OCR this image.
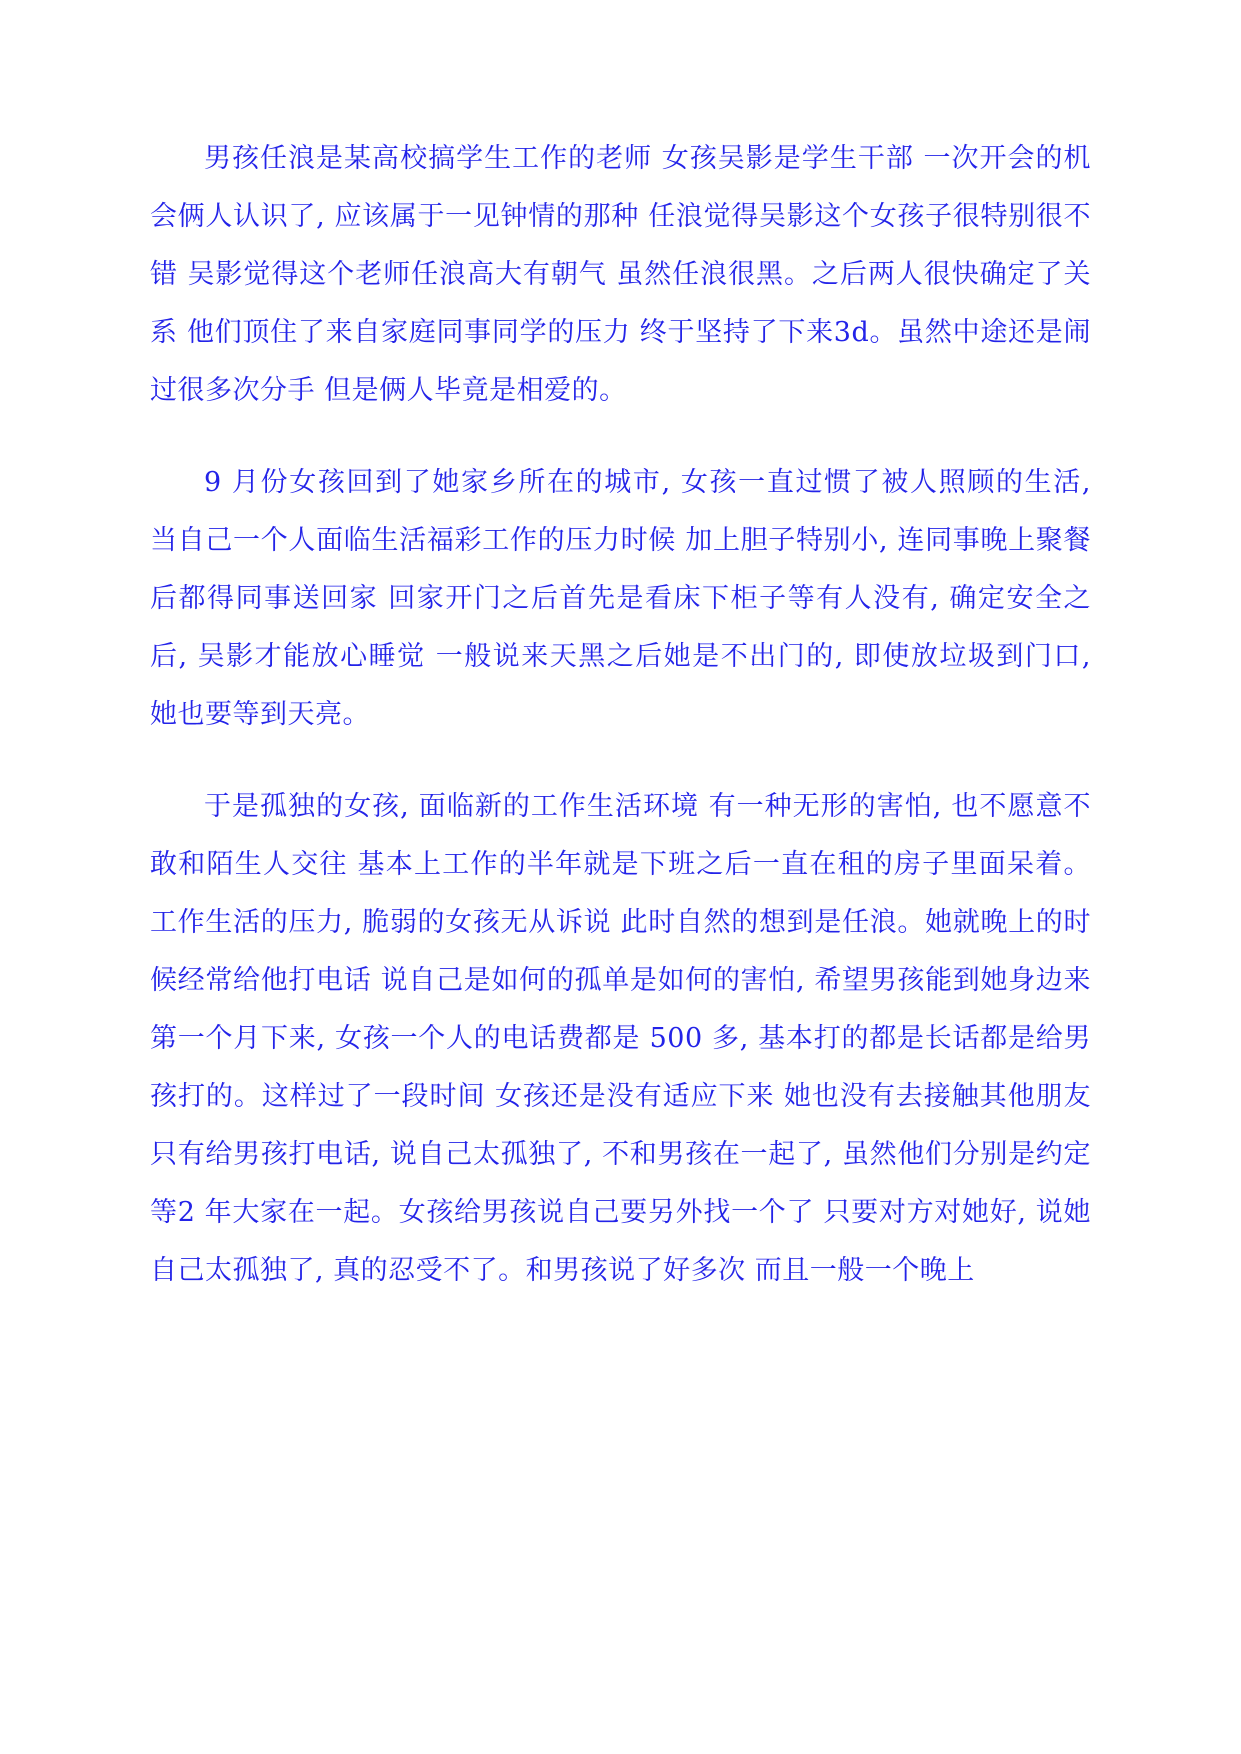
男孩任浪是某高校搞学生工作的老师 女孩吴影是学生干部 一次开会的机会俩人认识了, 应该属于一见钟情的那种 任浪觉得吴影这个女孩子很特别很不错 吴影觉得这个老师任浪高大有朝气 虽然任浪很黑。之后两人很快确定了关系 他们顶住了来自家庭同事同学的压力 终于坚持了下来3d。虽然中途还是闹过很多次分手 但是俩人毕竟是相爱的。

9 月份女孩回到了她家乡所在的城市, 女孩一直过惯了被人照顾的生活, 当自己一个人面临生活福彩工作的压力时候 加上胆子特别小, 连同事晚上聚餐后都得同事送回家 回家开门之后首先是看床下柜子等有人没有, 确定安全之后, 吴影才能放心睡觉 一般说来天黑之后她是不出门的, 即使放垃圾到门口, 她也要等到天亮。

于是孤独的女孩, 面临新的工作生活环境 有一种无形的害怕, 也不愿意不敢和陌生人交往 基本上工作的半年就是下班之后一直在租的房子里面呆着。工作生活的压力, 脆弱的女孩无从诉说 此时自然的想到是任浪。她就晚上的时候经常给他打电话 说自己是如何的孤单是如何的害怕, 希望男孩能到她身边来 第一个月下来, 女孩一个人的电话费都是 500 多, 基本打的都是长话都是给男孩打的。这样过了一段时间 女孩还是没有适应下来 她也没有去接触其他朋友 只有给男孩打电话, 说自己太孤独了, 不和男孩在一起了, 虽然他们分别是约定等2 年大家在一起。女孩给男孩说自己要另外找一个了 只要对方对她好, 说她自己太孤独了, 真的忍受不了。和男孩说了好多次 而且一般一个晚上
